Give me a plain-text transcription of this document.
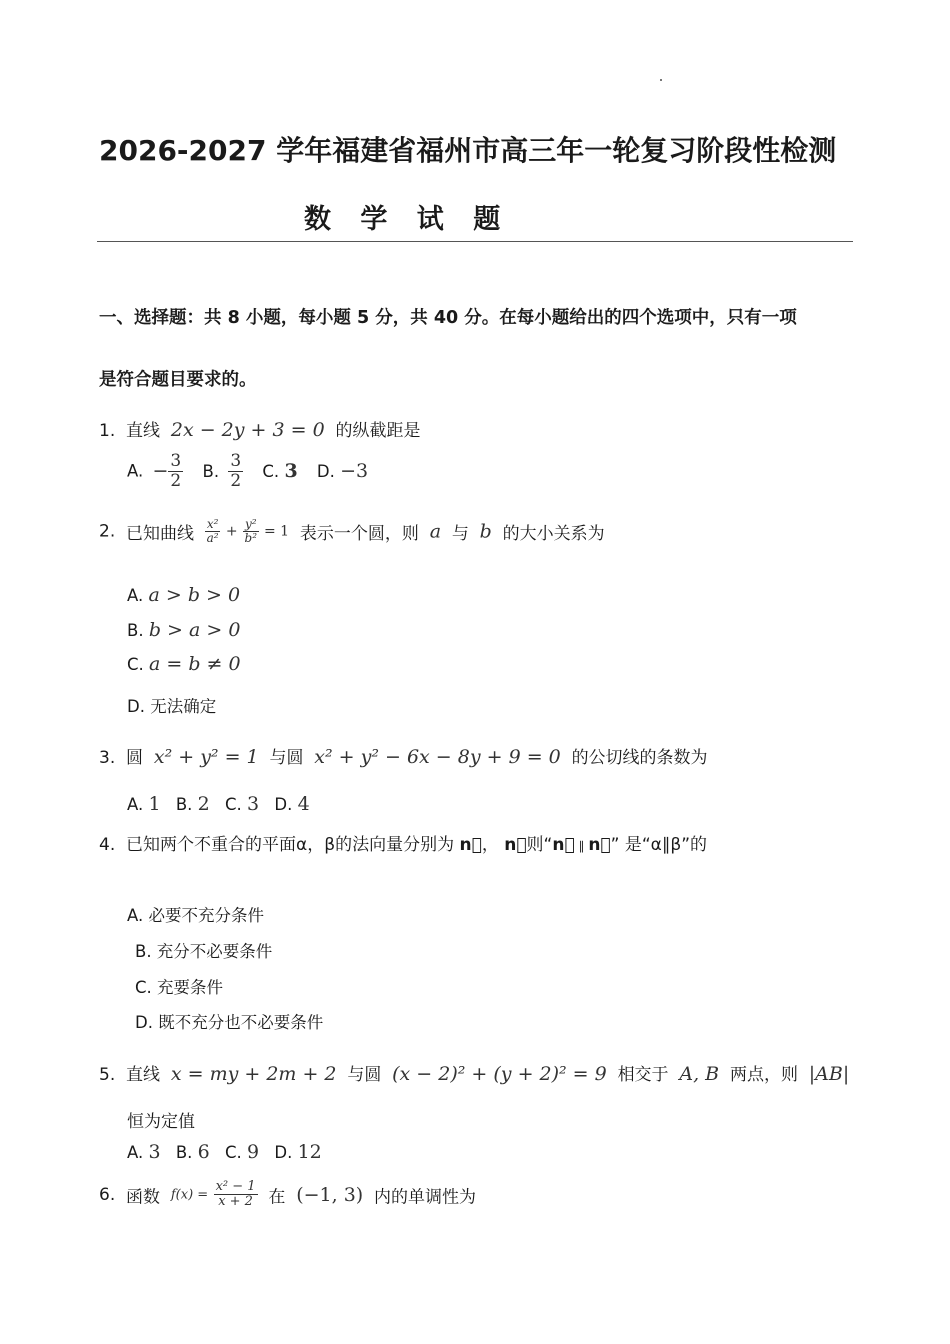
2026-2027 学年福建省福州市高三年一轮复习阶段性检测
数 学 试 题
一、选择题：共 8 小题，每小题 5 分，共 40 分。在每小题给出的四个选项中，只有一项
是符合题目要求的。
1. 直线 2x − 2y + 3 = 0 的纵截距是
A. − $\frac{3}{2} B$. $\frac{3}{2} C$. 3 D. −3
2. 已知曲线 $\frac{\text{x²}}{\text{a²}} + \frac{\text{y²}}{\text{b²}} = 1$ 表示一个圆，则 a 与 b 的大小关系为
A. a > b > 0
B. b > a > 0
C. a = b ≠ 0
D. 无法确定
3. 圆 x² + y² = 1 与圆 x² + y² − 6x − 8y + 9 = 0 的公切线的条数为
A. 1 B. 2 C. 3 D. 4
4. 已知两个不重合的平面α，β的法向量分别为 n⃞， n⃞则“n⃞ ∥ n⃞” 是“α∥β”的
A. 必要不充分条件
B. 充分不必要条件
C. 充要条件
D. 既不充分也不必要条件
5. 直线 x = my + 2m + 2 与圆 (x − 2)² + (y + 2)² = 9 相交于 A, B 两点，则 |AB|
恒为定值
A. 3 B. 6 C. 9 D. 12
6. 函数 $f(x) = \frac{\text{x² − 1}}{x + 2}$ 在 (−1, 3) 内的单调性为
